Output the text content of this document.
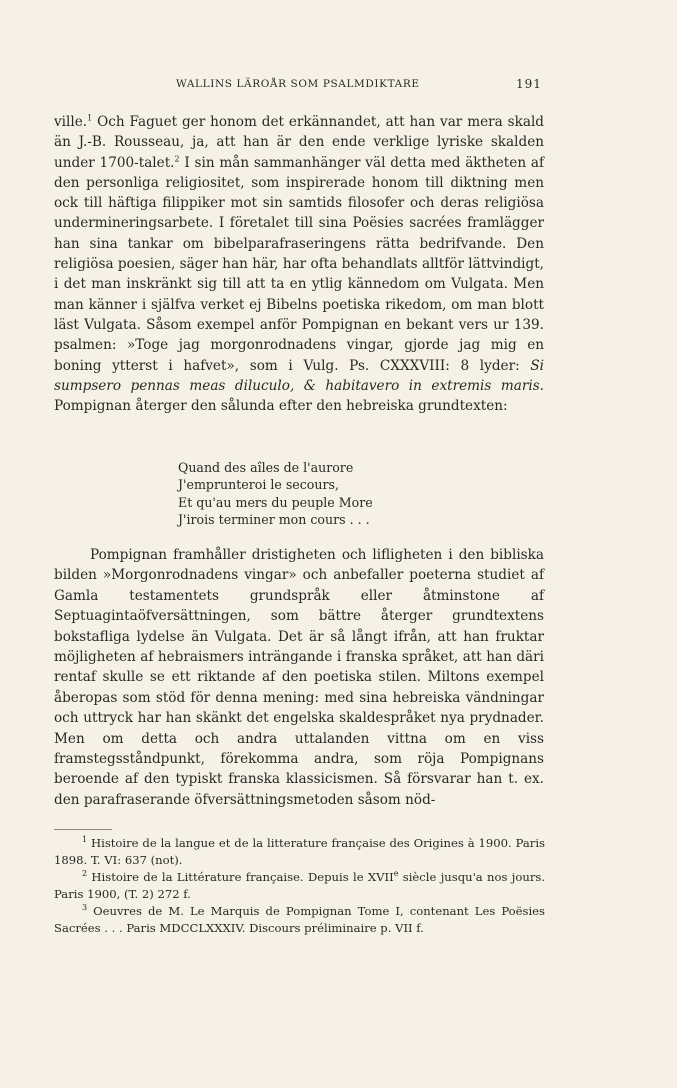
WALLINS LÄROÅR SOM PSALMDIKTARE	191

ville.$^1$ Och Faguet ger honom det erkännandet, att han var mera skald än J.-B. Rousseau, ja, att han är den ende verklige lyriske skalden under 1700-talet.$^2$ I sin mån sammanhänger väl detta med äktheten af den personliga religiositet, som inspirerade honom till diktning men ock till häftiga filippiker mot sin samtids filosofer och deras religiösa undermineringsarbete. I företalet till sina Poësies sacrées framlägger han sina tankar om bibelparafraseringens rätta bedrifvande. Den religiösa poesien, säger han här, har ofta behandlats alltför lättvindigt, i det man inskränkt sig till att ta en ytlig kännedom om Vulgata. Men man känner i själfva verket ej Bibelns poetiska rikedom, om man blott läst Vulgata. Såsom exempel anför Pompignan en bekant vers ur 139. psalmen: »Toge jag morgonrodnadens vingar, gjorde jag mig en boning ytterst i hafvet», som i Vulg. Ps. CXXXVIII: 8 lyder: Si sumpsero pennas meas diluculo, & habitavero in extremis maris. Pompignan återger den sålunda efter den hebreiska grundtexten:

Quand des aîles de l'aurore
J'emprunteroi le secours,
Et qu'au mers du peuple More
J'irois terminer mon cours . . .

Pompignan framhåller dristigheten och lifligheten i den bibliska bilden »Morgonrodnadens vingar» och anbefaller poeterna studiet af Gamla testamentets grundspråk eller åtminstone af Septuagintaöfversättningen, som bättre återger grundtextens bokstafliga lydelse än Vulgata. Det är så långt ifrån, att han fruktar möjligheten af hebraismers inträngande i franska språket, att han däri rentaf skulle se ett riktande af den poetiska stilen. Miltons exempel åberopas som stöd för denna mening: med sina hebreiska vändningar och uttryck har han skänkt det engelska skaldespråket nya prydnader. Men om detta och andra uttalanden vittna om en viss framstegsståndpunkt, förekomma andra, som röja Pompignans beroende af den typiskt franska klassicismen. Så försvarar han t. ex. den parafraserande öfversättningsmetoden såsom nöd-

$^1$ Histoire de la langue et de la litterature française des Origines à 1900. Paris 1898. T. VI: 637 (not).

$^2$ Histoire de la Littérature française. Depuis le XVIIe siècle jusqu'a nos jours. Paris 1900, (T. 2) 272 f.

$^3$ Oeuvres de M. Le Marquis de Pompignan Tome I, contenant Les Poësies Sacrées . . . Paris MDCCLXXXIV. Discours préliminaire p. VII f.
